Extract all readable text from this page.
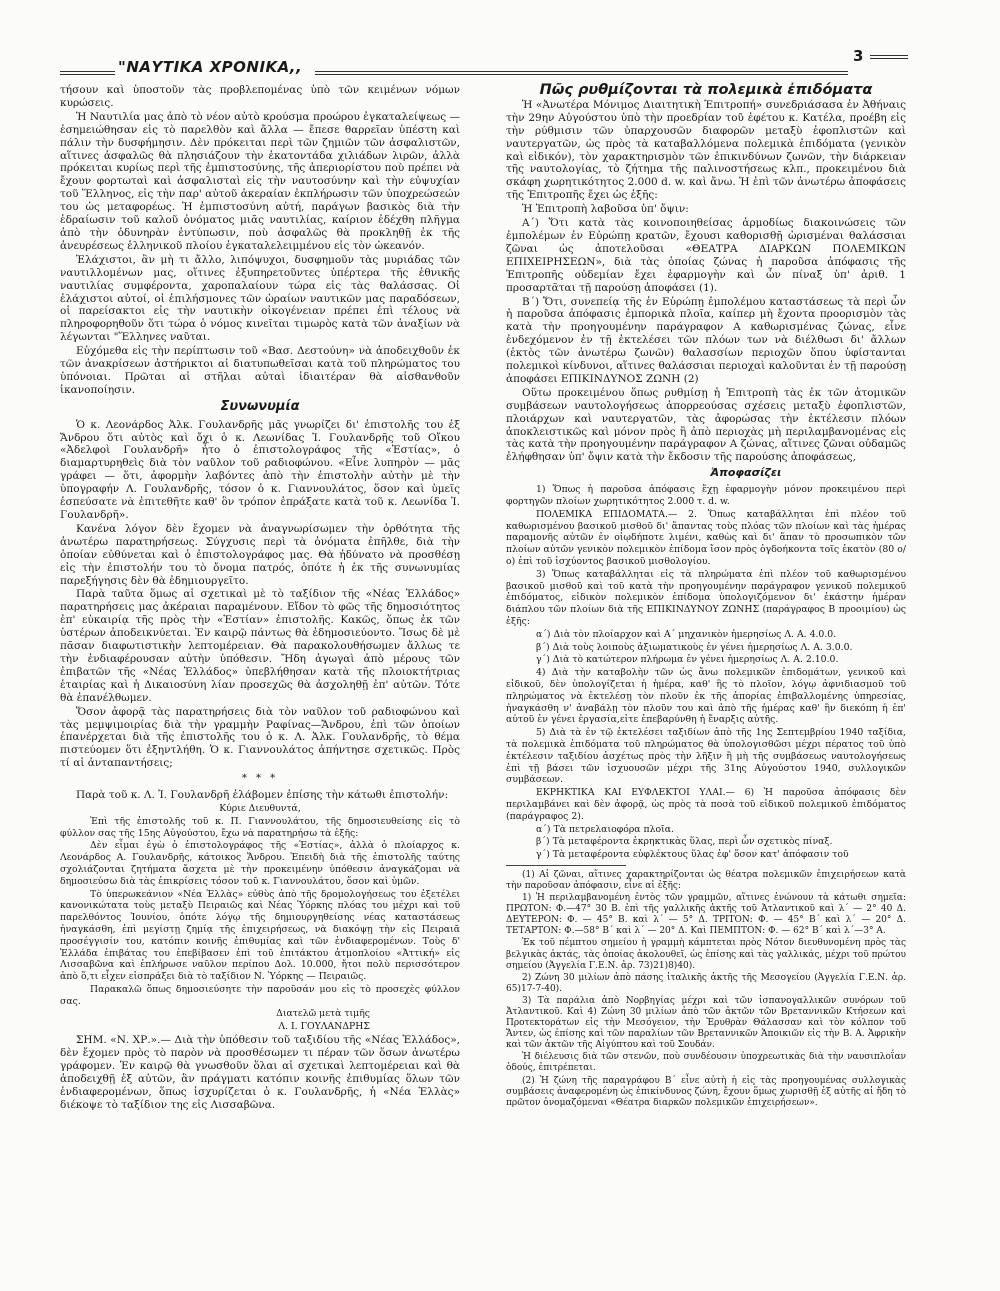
"ΝΑΥΤΙΚΑ ΧΡΟΝΙΚΑ,,
3

τήσουν καὶ ὑποστοῦν τὰς προβλεπομένας ὑπὸ τῶν κειμένων νόμων κυρώσεις.

Ἡ Ναυτιλία μας ἀπὸ τὸ νέον αὐτὸ κρούσμα προώρου ἐγκαταλείψεως — ἐσημειώθησαν εἰς τὸ παρελθὸν καὶ ἄλλα — ἔπεσε θαρρεῖαν ὑπέστη καὶ πάλιν τὴν δυσφήμησιν. Δὲν πρόκειται περὶ τῶν ζημιῶν τῶν ἀσφαλιστῶν, αἵτινες ἀσφαλῶς θὰ πλησιάζουν τὴν ἑκατοντάδα χιλιάδων λιρῶν, ἀλλὰ πρόκειται κυρίως περὶ τῆς ἐμπιστοσύνης, τῆς ἀπεριορίστου ποὺ πρέπει νὰ ἔχουν φορτωταὶ καὶ ἀσφαλισταὶ εἰς τὴν ναυτοσύνην καὶ τὴν εὐψυχίαν τοῦ Ἕλληνος, εἰς τὴν παρ' αὐτοῦ ἀκεραίαν ἐκπλήρωσιν τῶν ὑποχρεώσεών του ὡς μεταφορέως. Ἡ ἐμπιστοσύνη αὐτή, παράγων βασικὸς διὰ τὴν ἑδραίωσιν τοῦ καλοῦ ὀνόματος μιᾶς ναυτιλίας, καίριον ἐδέχθη πλῆγμα ἀπὸ τὴν ὀδυνηρὰν ἐντύπωσιν, ποὺ ἀσφαλῶς θὰ προκληθῇ ἐκ τῆς ἀνευρέσεως ἑλληνικοῦ πλοίου ἐγκαταλελειμμένου εἰς τὸν ὠκεανόν.

Ἐλάχιστοι, ἂν μὴ τι ἄλλο, λιπόψυχοι, δυσφημοῦν τὰς μυριάδας τῶν ναυτιλλομένων μας, οἵτινες ἐξυπηρετοῦντες ὑπέρτερα τῆς ἐθνικῆς ναυτιλίας συμφέροντα, χαροπαλαίουν τώρα εἰς τὰς θαλάσσας. Οἱ ἐλάχιστοι αὐτοί, οἱ ἐπιλήσμονες τῶν ὡραίων ναυτικῶν μας παραδόσεων, οἱ παρείσακτοι εἰς τὴν ναυτικὴν οἰκογένειαν πρέπει ἐπὶ τέλους νὰ πληροφορηθοῦν ὅτι τώρα ὁ νόμος κινεῖται τιμωρὸς κατὰ τῶν ἀναξίων νὰ λέγωνται "Ἕλληνες ναῦται.

Εὐχόμεθα εἰς τὴν περίπτωσιν τοῦ «Βασ. Δεστούνη» νὰ ἀποδειχθοῦν ἐκ τῶν ἀνακρίσεων ἀστήρικτοι αἱ διατυπωθεῖσαι κατὰ τοῦ πληρώματος του ὑπόνοιαι. Πρῶται αἱ στῆλαι αὐταὶ ἰδιαιτέραν θὰ αἰσθανθοῦν ἱκανοποίησιν.

Συνωνυμία

Ὁ κ. Λεονάρδος Ἀλκ. Γουλανδρῆς μᾶς γνωρίζει δι' ἐπιστολῆς του ἐξ Ἄνδρου ὅτι αὐτὸς καὶ ὄχι ὁ κ. Λεωνίδας Ἰ. Γουλανδρῆς τοῦ Οἴκου «Ἀδελφοὶ Γουλανδρῆ» ἦτο ὁ ἐπιστολογράφος τῆς «Ἑστίας», ὁ διαμαρτυρηθεὶς διὰ τὸν ναῦλον τοῦ ραδιοφώνου. «Εἶνε λυπηρὸν — μᾶς γράφει — ὅτι, ἀφορμὴν λαβόντες ἀπὸ τὴν ἐπιστολὴν αὐτὴν μὲ τὴν ὑπογραφήν Λ. Γουλανδρῆς, τόσον ὁ κ. Γιαννουλάτος, ὅσον καὶ ὑμεῖς ἐσπεύσατε νὰ ἐπιτεθῆτε καθ' ὃν τρόπον ἐπράξατε κατὰ τοῦ κ. Λεωνίδα Ἰ. Γουλανδρῆ».

Κανένα λόγον δὲν ἔχομεν νὰ ἀναγνωρίσωμεν τὴν ὀρθότητα τῆς ἀνωτέρω παρατηρήσεως. Σύγχυσις περὶ τὰ ὀνόματα ἐπῆλθε, διὰ τὴν ὁποίαν εὐθύνεται καὶ ὁ ἐπιστολογράφος μας. Θὰ ἠδύνατο νὰ προσθέσῃ εἰς τὴν ἐπιστολήν του τὸ ὄνομα πατρός, ὁπότε ἡ ἐκ τῆς συνωνυμίας παρεξήγησις δὲν θὰ ἐδημιουργεῖτο.

Παρὰ ταῦτα ὅμως αἱ σχετικαὶ μὲ τὸ ταξίδιον τῆς «Νέας Ἑλλάδος» παρατηρήσεις μας ἀκέραιαι παραμένουν. Εἴδον τὸ φῶς τῆς δημοσιότητος ἐπ' εὐκαιρίᾳ τῆς πρὸς τὴν «Ἑστίαν» ἐπιστολῆς. Κακῶς, ὅπως ἐκ τῶν ὑστέρων ἀποδεικνύεται. Ἐν καιρῷ πάντως θὰ ἐδημοσιεύοντο. Ἴσως δὲ μὲ πᾶσαν διαφωτιστικὴν λεπτομέρειαν. Θὰ παρακολουθήσωμεν ἄλλως τε τὴν ἐνδιαφέρουσαν αὐτὴν ὑπόθεσιν. Ἤδη ἀγωγαὶ ἀπὸ μέρους τῶν ἐπιβατῶν τῆς «Νέας Ἑλλάδος» ὑπεβλήθησαν κατὰ τῆς πλοιοκτήτριας ἑταιρίας καὶ ἡ Δικαιοσύνη λίαν προσεχῶς θὰ ἀσχοληθῇ ἐπ' αὐτῶν. Τότε θὰ ἐπανέλθωμεν.

Ὅσον ἀφορᾷ τὰς παρατηρήσεις διὰ τὸν ναῦλον τοῦ ραδιοφώνου καὶ τὰς μεμψιμοιρίας διὰ τὴν γραμμὴν Ραφίνας—Ἄνδρου, ἐπὶ τῶν ὁποίων ἐπανέρχεται διὰ τῆς ἐπιστολῆς του ὁ κ. Λ. Ἀλκ. Γουλανδρῆς, τὸ θέμα πιστεύομεν ὅτι ἐξηντλήθη. Ὁ κ. Γιαννουλάτος ἀπήντησε σχετικῶς. Πρὸς τί αἱ ἀνταπαντήσεις;

* * *

Παρὰ τοῦ κ. Λ. Ἰ. Γουλανδρῆ ἐλάβομεν ἐπίσης τὴν κάτωθι ἐπιστολήν:

Κύριε Διευθυντά,

Ἐπὶ τῆς ἐπιστολῆς τοῦ κ. Π. Γιαννουλάτου, τῆς δημοσιευθείσης εἰς τὸ φύλλον σας τῆς 15ης Αὐγούστου, ἔχω νὰ παρατηρήσω τὰ ἑξῆς:

Δὲν εἶμαι ἐγὼ ὁ ἐπιστολογράφος τῆς «Ἑστίας», ἀλλὰ ὁ πλοίαρχος κ. Λεονάρδος Α. Γουλανδρῆς, κάτοικος Ἄνδρου. Ἐπειδὴ διὰ τῆς ἐπιστολῆς ταύτης σχολιάζονται ζητήματα ἄσχετα μὲ τὴν προκειμένην ὑπόθεσιν ἀναγκάζομαι νὰ δημοσιεύσω διὰ τὰς ἐπικρίσεις τόσον τοῦ κ. Γιαννουλάτου, ὅσον καὶ ὑμῶν.

Τὸ ὑπερωκεάνιον «Νέα Ἑλλὰς» εὐθὺς ἀπὸ τῆς δρομολογήσεως του ἐξετέλει κανονικώτατα τοὺς μεταξὺ Πειραιῶς καὶ Νέας Ὑόρκης πλόας του μέχρι καὶ τοῦ παρελθόντος Ἰουνίου, ὁπότε λόγῳ τῆς δημιουργηθείσης νέας καταστάσεως ἠναγκάσθη, ἐπὶ μεγίστῃ ζημίᾳ τῆς ἐπιχειρήσεως, νὰ διακόψῃ τὴν εἰς Πειραιᾶ προσέγγισίν του, κατόπιν κοινῆς ἐπιθυμίας καὶ τῶν ἐνδιαφερομένων. Τοὺς δ' Ἑλλάδα ἐπιβάτας του ἐπεβίβασεν ἐπὶ τοῦ ἐπιτάκτου ἀτμοπλοίου «Ἀττική» εἰς Λισσαβῶνα καὶ ἐπλήρωσε ναῦλον περίπου Δολ. 10.000, ἤτοι πολὺ περισσότερον ἀπὸ ὅ,τι εἶχεν εἰσπράξει διὰ τὸ ταξίδιον Ν. Ὑόρκης — Πειραιῶς.

Παρακαλῶ ὅπως δημοσιεύσητε τὴν παροῦσάν μου εἰς τὸ προσεχὲς φύλλον σας.

Διατελῶ μετὰ τιμῆς

Λ. Ι. ΓΟΥΛΑΝΔΡΗΣ

ΣΗΜ. «Ν. ΧΡ.».— Διὰ τὴν ὑπόθεσιν τοῦ ταξιδίου τῆς «Νέας Ἑλλάδος», δὲν ἔχομεν πρὸς τὸ παρὸν νὰ προσθέσωμεν τι πέραν τῶν ὅσων ἀνωτέρω γράφομεν. Ἐν καιρῷ θὰ γνωσθοῦν ὅλαι αἱ σχετικαὶ λεπτομέρειαι καὶ θὰ ἀποδειχθῇ ἐξ αὐτῶν, ἂν πράγματι κατόπιν κοινῆς ἐπιθυμίας ὅλων τῶν ἐνδιαφερομένων, ὅπως ἰσχυρίζεται ὁ κ. Γουλανδρῆς, ἡ «Νέα Ἑλλὰς» διέκοψε τὸ ταξίδιον της εἰς Λισσαβῶνα.

Πῶς ρυθμίζονται τὰ πολεμικὰ ἐπιδόματα

Ἡ «Ἀνωτέρα Μόνιμος Διαιτητικὴ Ἐπιτροπή» συνεδριάσασα ἐν Ἀθήναις τὴν 29ην Αὐγούστου ὑπὸ τὴν προεδρίαν τοῦ ἐφέτου κ. Κατέλα, προέβη εἰς τὴν ρύθμισιν τῶν ὑπαρχουσῶν διαφορῶν μεταξὺ ἐφοπλιστῶν καὶ ναυτεργατῶν, ὡς πρὸς τὰ καταβαλλόμενα πολεμικὰ ἐπιδόματα (γενικὸν καὶ εἰδικόν), τὸν χαρακτηρισμὸν τῶν ἐπικινδύνων ζωνῶν, τὴν διάρκειαν τῆς ναυτολογίας, τὸ ζήτημα τῆς παλινοστήσεως κλπ., προκειμένου διὰ σκάφη χωρητικότητος 2.000 d. w. καὶ ἄνω. Ἡ ἐπὶ τῶν ἀνωτέρω ἀποφάσεις τῆς Ἐπιτροπῆς ἔχει ὡς ἑξῆς:

Ἡ Ἐπιτροπὴ λαβοῦσα ὑπ' ὄψιν:

Α΄) Ὅτι κατὰ τὰς κοινοποιηθείσας ἁρμοδίως διακοινώσεις τῶν ἐμπολέμων ἐν Εὐρώπῃ κρατῶν, ἔχουσι καθορισθῇ ὡρισμέναι θαλάσσιαι ζῶναι ὡς ἀποτελοῦσαι «ΘΕΑΤΡΑ ΔΙΑΡΚΩΝ ΠΟΛΕΜΙΚΩΝ ΕΠΙΧΕΙΡΗΣΕΩΝ», διὰ τὰς ὁποίας ζώνας ἡ παροῦσα ἀπόφασις τῆς Ἐπιτροπῆς οὐδεμίαν ἔχει ἐφαρμογὴν καὶ ὧν πίναξ ὑπ' ἀριθ. 1 προσαρτᾶται τῇ παρούσῃ ἀποφάσει (1).

Β΄) Ὅτι, συνεπείᾳ τῆς ἐν Εὐρώπῃ ἐμπολέμου καταστάσεως τὰ περὶ ὧν ἡ παροῦσα ἀπόφασις ἐμπορικὰ πλοῖα, καίπερ μὴ ἔχοντα προορισμὸν τὰς κατὰ τὴν προηγουμένην παράγραφον Α καθωρισμένας ζώνας, εἶνε ἐνδεχόμενον ἐν τῇ ἐκτελέσει τῶν πλόων των νὰ διέλθωσι δι' ἄλλων (ἐκτὸς τῶν ἀνωτέρω ζωνῶν) θαλασσίων περιοχῶν ὅπου ὑφίστανται πολεμικοὶ κίνδυνοι, αἵτινες θαλάσσιαι περιοχαὶ καλοῦνται ἐν τῇ παρούσῃ ἀποφάσει ΕΠΙΚΙΝΔΥΝΟΣ ΖΩΝΗ (2)

Οὕτω προκειμένου ὅπως ρυθμίσῃ ἡ Ἐπιτροπὴ τὰς ἐκ τῶν ἀτομικῶν συμβάσεων ναυτολογήσεως ἀπορρεούσας σχέσεις μεταξὺ ἐφοπλιστῶν, πλοιάρχων καὶ ναυτεργατῶν, τὰς ἀφορώσας τὴν ἐκτέλεσιν πλόων ἀποκλειστικῶς καὶ μόνον πρὸς ἢ ἀπὸ περιοχὰς μὴ περιλαμβανομένας εἰς τὰς κατὰ τὴν προηγουμένην παράγραφον Α ζώνας, αἵτινες ζῶναι οὐδαμῶς ἐλήφθησαν ὑπ' ὄψιν κατὰ τὴν ἔκδοσιν τῆς παρούσης ἀποφάσεως,

Ἀποφασίζει

1) Ὅπως ἡ παροῦσα ἀπόφασις ἔχῃ ἐφαρμογὴν μόνον προκειμένου περὶ φορτηγῶν πλοίων χωρητικότητος 2.000 τ. d. w.

ΠΟΛΕΜΙΚΑ ΕΠΙΔΟΜΑΤΑ.— 2. Ὅπως καταβάλληται ἐπὶ πλέον τοῦ καθωρισμένου βασικοῦ μισθοῦ δι' ἅπαντας τοὺς πλόας τῶν πλοίων καὶ τὰς ἡμέρας παραμονῆς αὐτῶν ἐν οἱῳδήποτε λιμένι, καθὼς καὶ δι' ἅπαν τὸ προσωπικὸν τῶν πλοίων αὐτῶν γενικὸν πολεμικὸν ἐπίδομα ἴσον πρὸς ὀγδοήκοντα τοῖς ἑκατὸν (80 ο/ο) ἐπὶ τοῦ ἰσχύοντος βασικοῦ μισθολογίου.

3) Ὅπως καταβάλληται εἰς τὰ πληρώματα ἐπὶ πλέον τοῦ καθωρισμένου βασικοῦ μισθοῦ καὶ τοῦ κατὰ τὴν προηγουμένην παράγραφον γενικοῦ πολεμικοῦ ἐπιδόματος, εἰδικὸν πολεμικὸν ἐπίδομα ὑπολογιζόμενον δι' ἑκάστην ἡμέραν διάπλου τῶν πλοίων διὰ τῆς ΕΠΙΚΙΝΔΥΝΟΥ ΖΩΝΗΣ (παράγραφος Β προοιμίου) ὡς ἑξῆς:

α΄) Διὰ τὸν πλοίαρχον καὶ Α΄ μηχανικὸν ἡμερησίως Λ. Α. 4.0.0.

β΄) Διὰ τοὺς λοιποὺς ἀξιωματικοὺς ἐν γένει ἡμερησίως Λ. Α. 3.0.0.

γ΄) Διὰ τὸ κατώτερον πλήρωμα ἐν γένει ἡμερησίως Λ. Α. 2.10.0.

4) Διὰ τὴν καταβολὴν τῶν ὡς ἄνω πολεμικῶν ἐπιδομάτων, γενικοῦ καὶ εἰδικοῦ, δὲν ὑπολογίζεται ἡ ἡμέρα, καθ' ἣς τὸ πλοῖον, λόγῳ ἀφνιδιασμοῦ τοῦ πληρώματος νὰ ἐκτελέσῃ τὸν πλοῦν ἐκ τῆς ἀπορίας ἐπιβαλλομένης ὑπηρεσίας, ἠναγκάσθη ν' ἀναβάλῃ τὸν πλοῦν του καὶ ἀπὸ τῆς ἡμέρας καθ' ἣν διεκόπη ἡ ἐπ' αὐτοῦ ἐν γένει ἐργασία,εἰτε ἐπεβαρύνθη ἡ ἔναρξις αὐτῆς.

5) Διὰ τὰ ἐν τῷ ἐκτελέσει ταξιδίων ἀπὸ τῆς 1ης Σεπτεμβρίου 1940 ταξίδια, τὰ πολεμικὰ ἐπιδόματα τοῦ πληρώματος θὰ ὑπολογισθῶσι μέχρι πέρατος τοῦ ὑπὸ ἐκτέλεσιν ταξιδίου ἀσχέτως πρὸς τὴν λῆξιν ἢ μὴ τῆς συμβάσεως ναυτολογήσεως ἐπὶ τῇ βάσει τῶν ἰσχυουσῶν μέχρι τῆς 31ης Αὐγούστου 1940, συλλογικῶν συμβάσεων.

ΕΚΡΗΚΤΙΚΑ ΚΑΙ ΕΥΦΛΕΚΤΟΙ ΥΛΑΙ.— 6) Ἡ παροῦσα ἀπόφασις δὲν περιλαμβάνει καὶ δὲν ἀφορᾷ, ὡς πρὸς τὰ ποσὰ τοῦ εἰδικοῦ πολεμικοῦ ἐπιδόματος (παράγραφος 2).

α΄) Τὰ πετρελαιοφόρα πλοῖα.

β΄) Τὰ μεταφέροντα ἐκρηκτικὰς ὕλας, περὶ ὧν σχετικὸς πίναξ.

γ΄) Τὰ μεταφέροντα εὐφλέκτους ὕλας ἐφ' ὅσον κατ' ἀπόφασιν τοῦ

(1) Αἱ ζῶναι, αἵτινες χαρακτηρίζονται ὡς θέατρα πολεμικῶν ἐπιχειρήσεων κατὰ τὴν παροῦσαν ἀπόφασιν, εἶνε αἱ ἑξῆς:

1) Ἡ περιλαμβανομένη ἐντὸς τῶν γραμμῶν, αἵτινες ἑνώνουν τὰ κάτωθι σημεῖα: ΠΡΩΤΟΝ: Φ.—47° 30 Β. ἐπὶ τῆς γαλλικῆς ἀκτῆς τοῦ Ἀτλαντικοῦ καὶ λ΄ — 2° 40 Δ. ΔΕΥΤΕΡΟΝ: Φ. — 45° Β. καὶ λ΄ — 5° Δ. ΤΡΙΤΟΝ: Φ. — 45° Β΄ καὶ λ΄ — 20° Δ. ΤΕΤΑΡΤΟΝ: Φ.—58° Β΄ καὶ λ΄ — 20° Δ. Καὶ ΠΕΜΠΤΟΝ: Φ. — 62° Β΄ καὶ λ΄—3° Α.

Ἐκ τοῦ πέμπτου σημείου ἡ γραμμὴ κάμπτεται πρὸς Νότον διευθυνομένη πρὸς τὰς βελγικὰς ἀκτάς, τὰς ὁποίας ἀκολουθεῖ, ὡς ἐπίσης καὶ τὰς γαλλικάς, μέχρι τοῦ πρώτου σημείου (Ἀγγελία Γ.Ε.Ν. ἀρ. 73)21)8)40).

2) Ζώνη 30 μιλίων ἀπὸ πάσης ἰταλικῆς ἀκτῆς τῆς Μεσογείου (Ἀγγελία Γ.Ε.Ν. ἀρ. 65)17-7-40).

3) Τὰ παράλια ἀπὸ Νορβηγίας μέχρι καὶ τῶν ἰσπανογαλλικῶν συνόρων τοῦ Ἀτλαντικοῦ. Καὶ 4) Ζώνη 30 μιλίων ἀπὸ τῶν ἀκτῶν τῶν Βρεταννικῶν Κτήσεων καὶ Προτεκτοράτων εἰς τὴν Μεσόγειον, τὴν Ἐρυθρὰν Θάλασσαν καὶ τὸν κόλπον τοῦ Ἄντεν, ὡς ἐπίσης καὶ τῶν παραλίων τῶν Βρεταννικῶν Ἀποικιῶν εἰς τὴν Β. Α. Ἀφρικὴν καὶ τῶν ἀκτῶν τῆς Αἰγύπτου καὶ τοῦ Σουδάν.

Ἡ διέλευσις διὰ τῶν στενῶν, ποὺ συνδέουσιν ὑποχρεωτικὰς διὰ τὴν ναυσιπλοΐαν ὁδούς, ἐπιτρέπεται.

(2) Ἡ ζώνη τῆς παραγράφου Β΄ εἶνε αὐτὴ ἡ εἰς τὰς προηγουμένας συλλογικὰς συμβάσεις ἀναφερομένη ὡς ἐπικίνδυνος ζώνη, ἔχουν ὅμως χωρισθῇ ἐξ αὐτῆς αἱ ἤδη τὸ πρῶτον ὀνομαζόμεναι «Θέατρα διαρκῶν πολεμικῶν ἐπιχειρήσεων».
